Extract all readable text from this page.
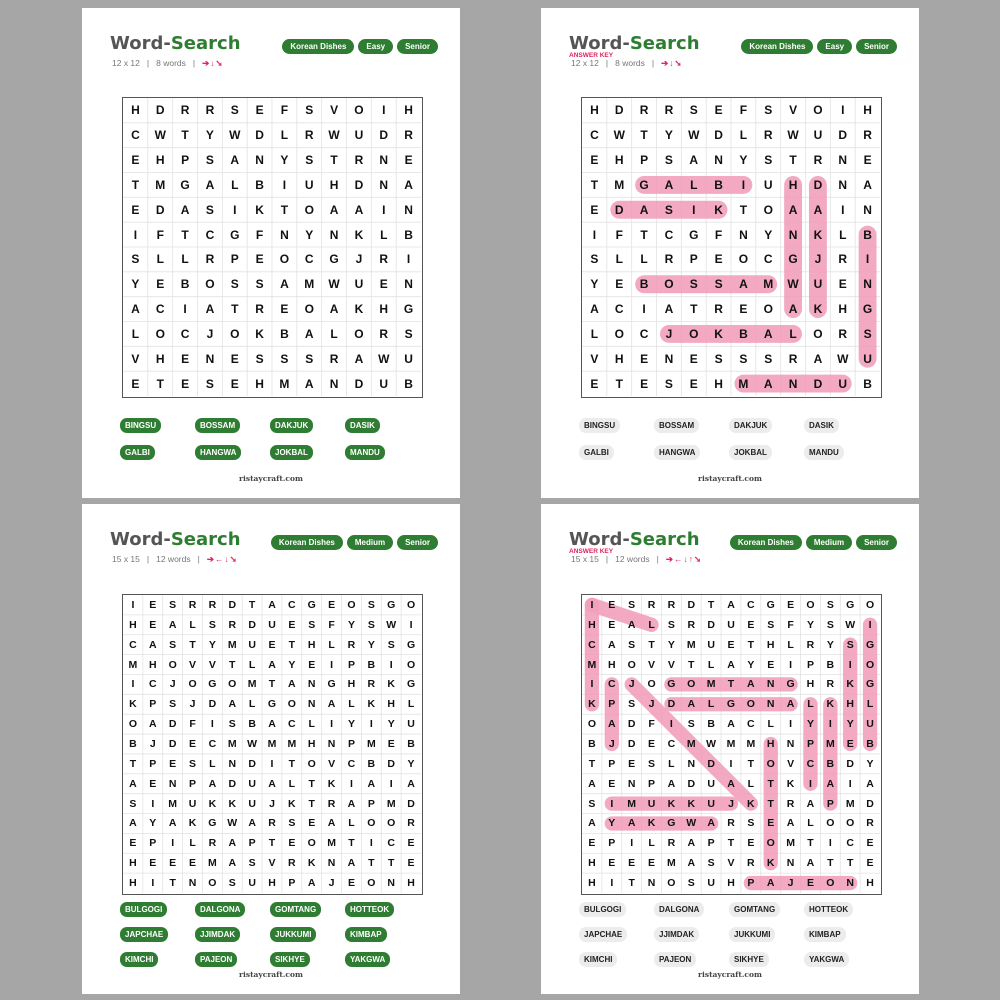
Word-Search
12 x 12 | 8 words | ➔↓➘
Korean Dishes	Easy	Senior
H	D	R	R	S	E	F	S	V	O	I	H
C	W	T	Y	W	D	L	R	W	U	D	R
E	H	P	S	A	N	Y	S	T	R	N	E
T	M	G	A	L	B	I	U	H	D	N	A
E	D	A	S	I	K	T	O	A	A	I	N
I	F	T	C	G	F	N	Y	N	K	L	B
S	L	L	R	P	E	O	C	G	J	R	I
Y	E	B	O	S	S	A	M	W	U	E	N
A	C	I	A	T	R	E	O	A	K	H	G
L	O	C	J	O	K	B	A	L	O	R	S
V	H	E	N	E	S	S	S	R	A	W	U
E	T	E	S	E	H	M	A	N	D	U	B
BINGSU	BOSSAM	DAKJUK	DASIK
GALBI	HANGWA	JOKBAL	MANDU
ristaycraft.com
Word-Search
ANSWER KEY
12 x 12 | 8 words | ➔↓➘
Korean Dishes	Easy	Senior
H	D	R	R	S	E	F	S	V	O	I	H
C	W	T	Y	W	D	L	R	W	U	D	R
E	H	P	S	A	N	Y	S	T	R	N	E
T	M	G	A	L	B	I	U	H	D	N	A
E	D	A	S	I	K	T	O	A	A	I	N
I	F	T	C	G	F	N	Y	N	K	L	B
S	L	L	R	P	E	O	C	G	J	R	I
Y	E	B	O	S	S	A	M	W	U	E	N
A	C	I	A	T	R	E	O	A	K	H	G
L	O	C	J	O	K	B	A	L	O	R	S
V	H	E	N	E	S	S	S	R	A	W	U
E	T	E	S	E	H	M	A	N	D	U	B
BINGSU	BOSSAM	DAKJUK	DASIK
GALBI	HANGWA	JOKBAL	MANDU
ristaycraft.com
Word-Search
15 x 15 | 12 words | ➔←↓➘
Korean Dishes	Medium	Senior
I	E	S	R	R	D	T	A	C	G	E	O	S	G	O
H	E	A	L	S	R	D	U	E	S	F	Y	S	W	I
C	A	S	T	Y	M	U	E	T	H	L	R	Y	S	G
M	H	O	V	V	T	L	A	Y	E	I	P	B	I	O
I	C	J	O	G	O	M	T	A	N	G	H	R	K	G
K	P	S	J	D	A	L	G	O	N	A	L	K	H	L
O	A	D	F	I	S	B	A	C	L	I	Y	I	Y	U
B	J	D	E	C	M	W	M	M	H	N	P	M	E	B
T	P	E	S	L	N	D	I	T	O	V	C	B	D	Y
A	E	N	P	A	D	U	A	L	T	K	I	A	I	A
S	I	M	U	K	K	U	J	K	T	R	A	P	M	D
A	Y	A	K	G	W	A	R	S	E	A	L	O	O	R
E	P	I	L	R	A	P	T	E	O	M	T	I	C	E
H	E	E	E	M	A	S	V	R	K	N	A	T	T	E
H	I	T	N	O	S	U	H	P	A	J	E	O	N	H
BULGOGI	DALGONA	GOMTANG	HOTTEOK
JAPCHAE	JJIMDAK	JUKKUMI	KIMBAP
KIMCHI	PAJEON	SIKHYE	YAKGWA
ristaycraft.com
Word-Search
ANSWER KEY
15 x 15 | 12 words | ➔←↓↑➘
Korean Dishes	Medium	Senior
I	E	S	R	R	D	T	A	C	G	E	O	S	G	O
H	E	A	L	S	R	D	U	E	S	F	Y	S	W	I
C	A	S	T	Y	M	U	E	T	H	L	R	Y	S	G
M	H	O	V	V	T	L	A	Y	E	I	P	B	I	O
I	C	J	O	G	O	M	T	A	N	G	H	R	K	G
K	P	S	J	D	A	L	G	O	N	A	L	K	H	L
O	A	D	F	I	S	B	A	C	L	I	Y	I	Y	U
B	J	D	E	C	M	W	M	M	H	N	P	M	E	B
T	P	E	S	L	N	D	I	T	O	V	C	B	D	Y
A	E	N	P	A	D	U	A	L	T	K	I	A	I	A
S	I	M	U	K	K	U	J	K	T	R	A	P	M	D
A	Y	A	K	G	W	A	R	S	E	A	L	O	O	R
E	P	I	L	R	A	P	T	E	O	M	T	I	C	E
H	E	E	E	M	A	S	V	R	K	N	A	T	T	E
H	I	T	N	O	S	U	H	P	A	J	E	O	N	H
BULGOGI	DALGONA	GOMTANG	HOTTEOK
JAPCHAE	JJIMDAK	JUKKUMI	KIMBAP
KIMCHI	PAJEON	SIKHYE	YAKGWA
ristaycraft.com
